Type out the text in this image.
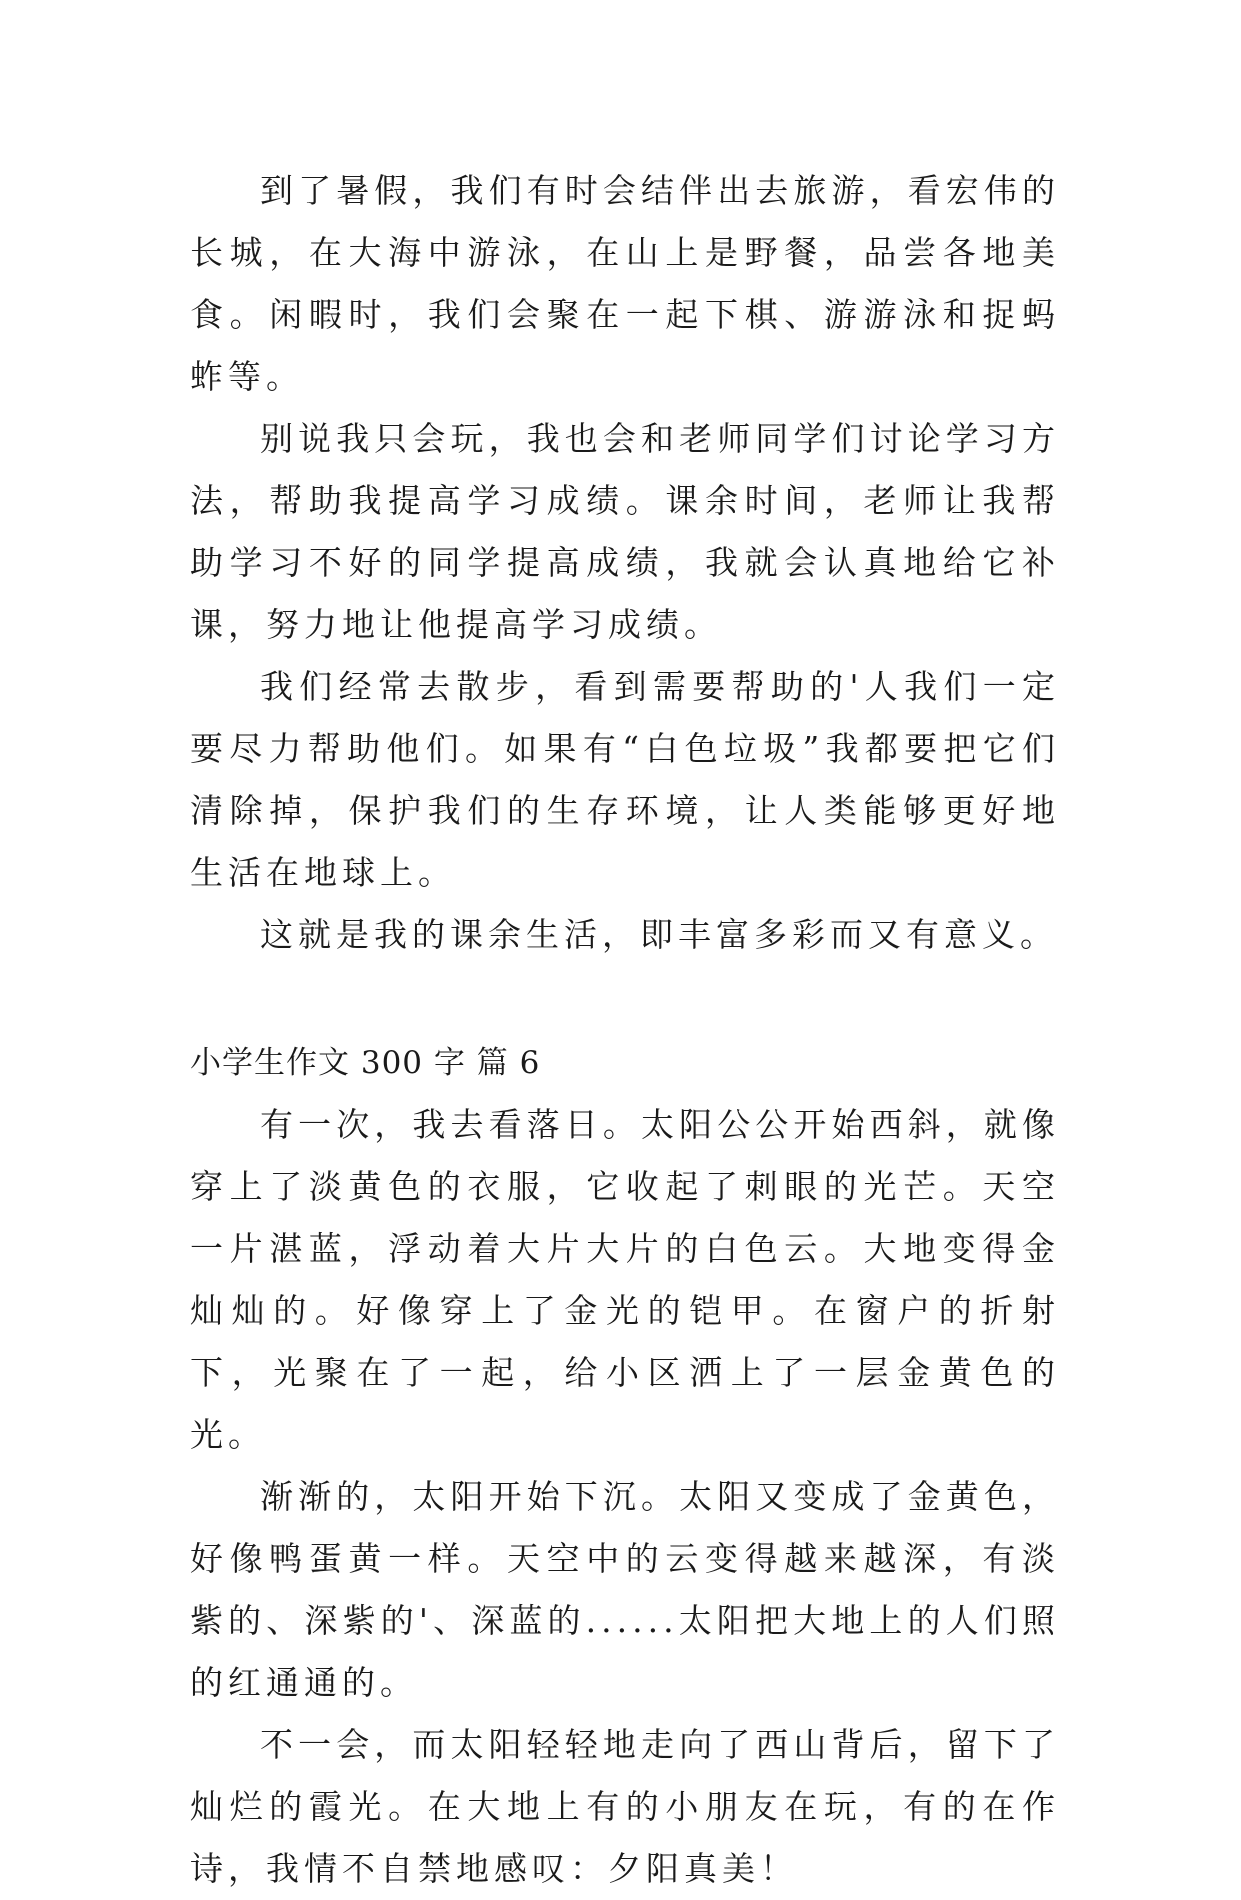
到了暑假，我们有时会结伴出去旅游，看宏伟的长城，在大海中游泳，在山上是野餐，品尝各地美食。闲暇时，我们会聚在一起下棋、游游泳和捉蚂蚱等。

别说我只会玩，我也会和老师同学们讨论学习方法，帮助我提高学习成绩。课余时间，老师让我帮助学习不好的同学提高成绩，我就会认真地给它补课，努力地让他提高学习成绩。

我们经常去散步，看到需要帮助的'人我们一定要尽力帮助他们。如果有“白色垃圾”我都要把它们清除掉，保护我们的生存环境，让人类能够更好地生活在地球上。

这就是我的课余生活，即丰富多彩而又有意义。

小学生作文 300 字 篇 6

有一次，我去看落日。太阳公公开始西斜，就像穿上了淡黄色的衣服，它收起了刺眼的光芒。天空一片湛蓝，浮动着大片大片的白色云。大地变得金灿灿的。好像穿上了金光的铠甲。在窗户的折射下，光聚在了一起，给小区洒上了一层金黄色的光。

渐渐的，太阳开始下沉。太阳又变成了金黄色，好像鸭蛋黄一样。天空中的云变得越来越深，有淡紫的、深紫的'、深蓝的......太阳把大地上的人们照的红通通的。

不一会，而太阳轻轻地走向了西山背后，留下了灿烂的霞光。在大地上有的小朋友在玩，有的在作诗，我情不自禁地感叹：夕阳真美！
